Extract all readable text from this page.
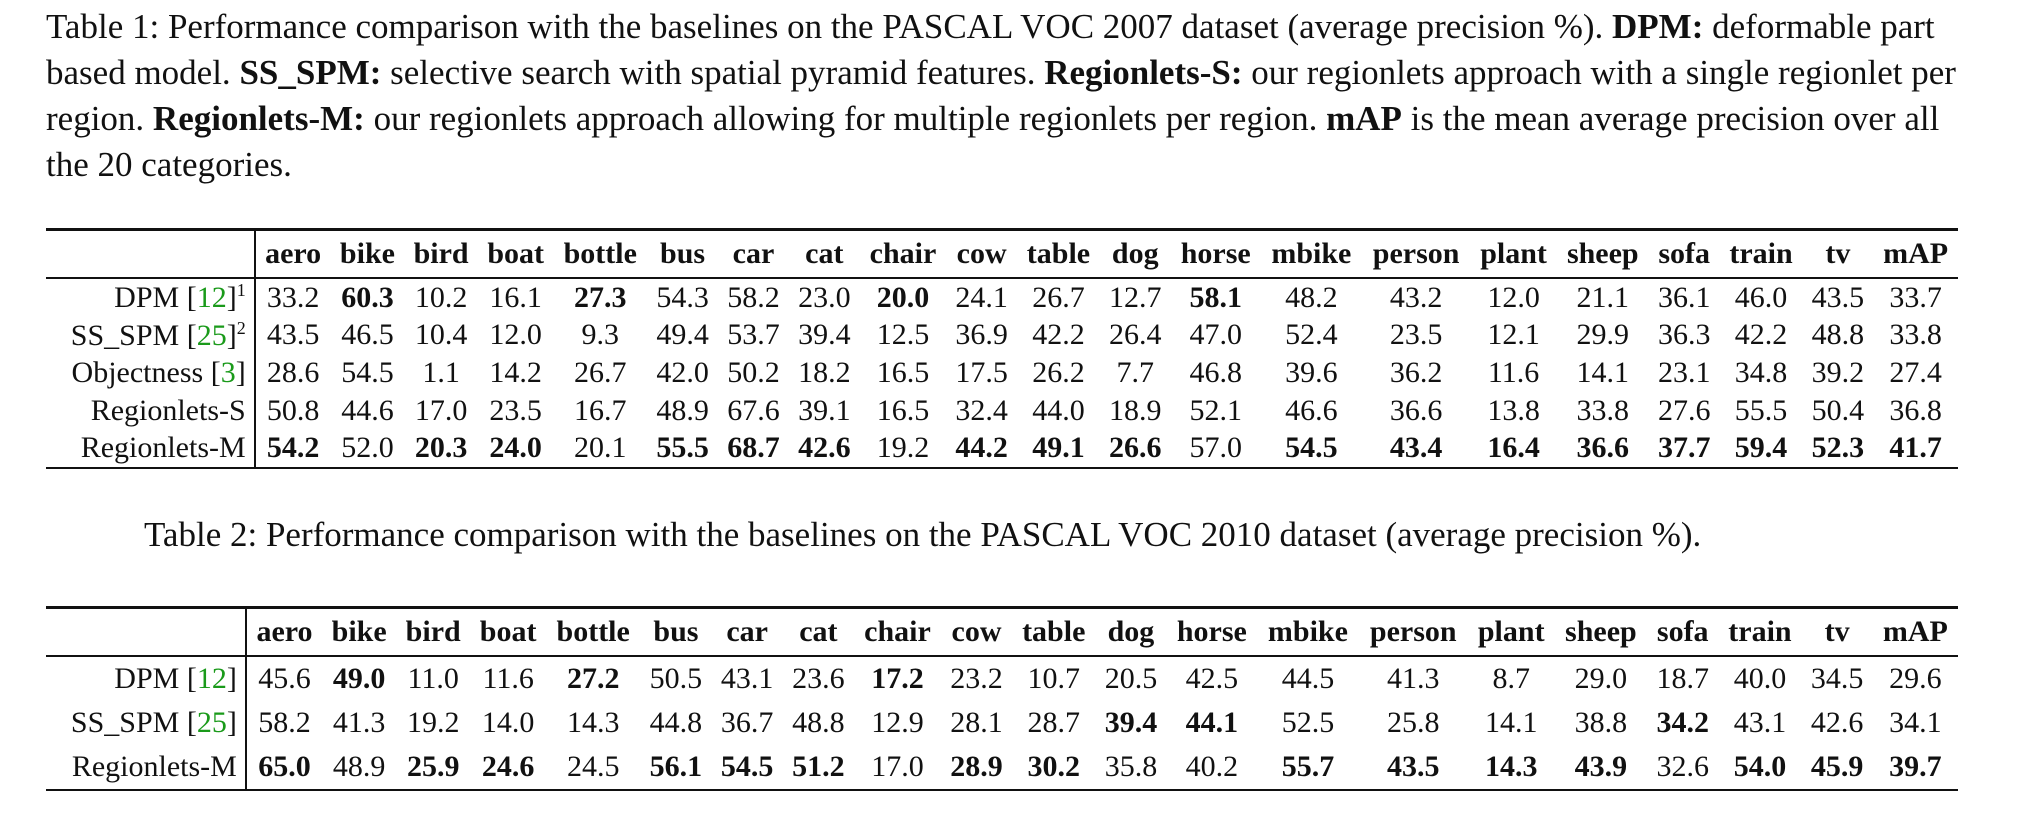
Table 1: Performance comparison with the baselines on the PASCAL VOC 2007 dataset (average precision %). DPM: deformable part based model. SS_SPM: selective search with spatial pyramid features. Regionlets-S: our regionlets approach with a single regionlet per region. Regionlets-M: our regionlets approach allowing for multiple regionlets per region. mAP is the mean average precision over all the 20 categories.
	aero	bike	bird	boat	bottle	bus	car	cat	chair	cow	table	dog	horse	mbike	person	plant	sheep	sofa	train	tv	mAP
DPM $[12]^1$	33.2	60.3	10.2	16.1	27.3	54.3	58.2	23.0	20.0	24.1	26.7	12.7	58.1	48.2	43.2	12.0	21.1	36.1	46.0	43.5	33.7
SS_SPM $[25]^2$	43.5	46.5	10.4	12.0	9.3	49.4	53.7	39.4	12.5	36.9	42.2	26.4	47.0	52.4	23.5	12.1	29.9	36.3	42.2	48.8	33.8
Objectness [3]	28.6	54.5	1.1	14.2	26.7	42.0	50.2	18.2	16.5	17.5	26.2	7.7	46.8	39.6	36.2	11.6	14.1	23.1	34.8	39.2	27.4
Regionlets-S	50.8	44.6	17.0	23.5	16.7	48.9	67.6	39.1	16.5	32.4	44.0	18.9	52.1	46.6	36.6	13.8	33.8	27.6	55.5	50.4	36.8
Regionlets-M	54.2	52.0	20.3	24.0	20.1	55.5	68.7	42.6	19.2	44.2	49.1	26.6	57.0	54.5	43.4	16.4	36.6	37.7	59.4	52.3	41.7
Table 2: Performance comparison with the baselines on the PASCAL VOC 2010 dataset (average precision %).
	aero	bike	bird	boat	bottle	bus	car	cat	chair	cow	table	dog	horse	mbike	person	plant	sheep	sofa	train	tv	mAP
DPM [12]	45.6	49.0	11.0	11.6	27.2	50.5	43.1	23.6	17.2	23.2	10.7	20.5	42.5	44.5	41.3	8.7	29.0	18.7	40.0	34.5	29.6
SS_SPM [25]	58.2	41.3	19.2	14.0	14.3	44.8	36.7	48.8	12.9	28.1	28.7	39.4	44.1	52.5	25.8	14.1	38.8	34.2	43.1	42.6	34.1
Regionlets-M	65.0	48.9	25.9	24.6	24.5	56.1	54.5	51.2	17.0	28.9	30.2	35.8	40.2	55.7	43.5	14.3	43.9	32.6	54.0	45.9	39.7
